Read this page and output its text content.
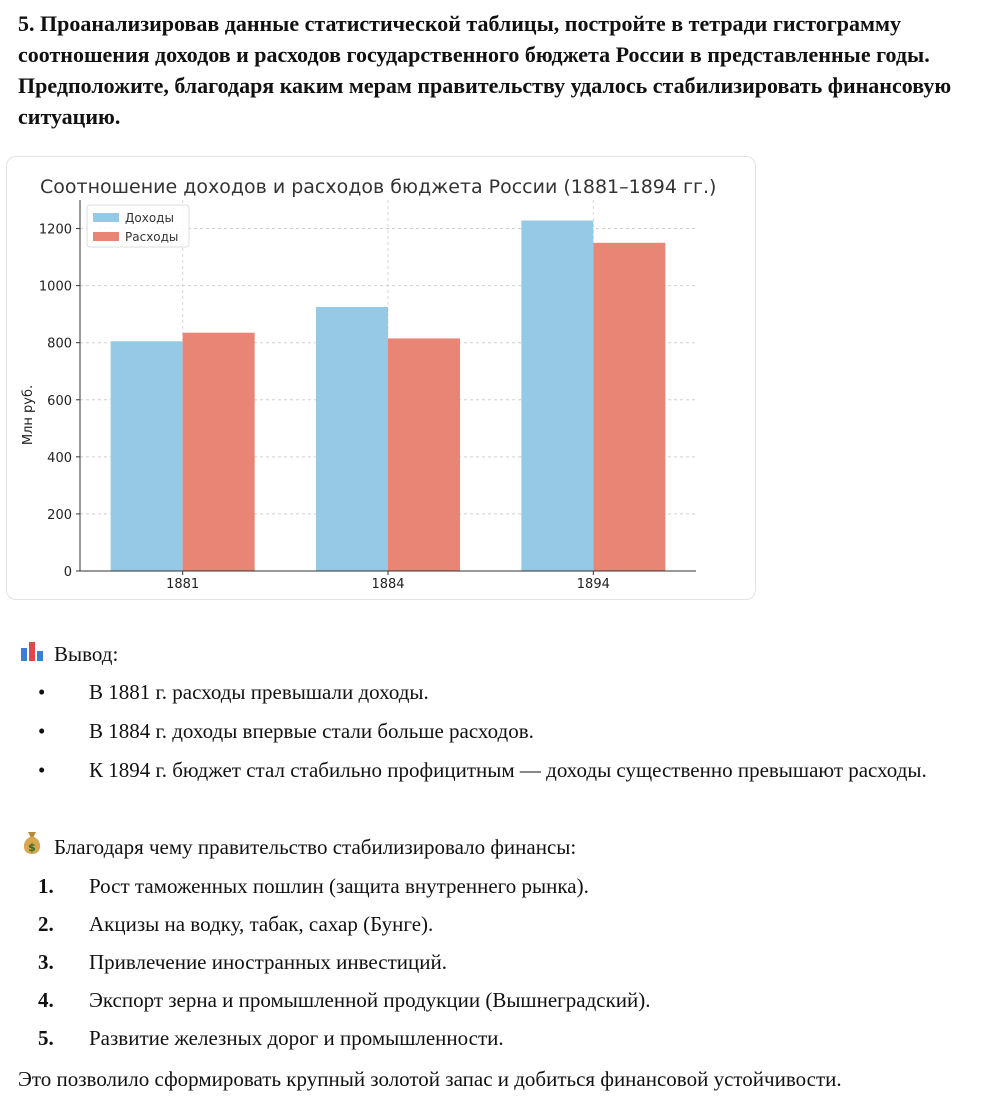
5. Проанализировав данные статистической таблицы, постройте в тетради гистограмму соотношения доходов и расходов государственного бюджета России в представленные годы. Предположите, благодаря каким мерам правительству удалось стабилизировать финансовую ситуацию.

Соотношение доходов и расходов бюджета России (1881–1894 гг.)
0
200
400
600
800
1000
1200
1881	1884	1894
Млн руб.
Доходы
Расходы
Вывод:
• В 1881 г. расходы превышали доходы.
• В 1884 г. доходы впервые стали больше расходов.
• К 1894 г. бюджет стал стабильно профицитным — доходы существенно превышают расходы.
$ Благодаря чему правительство стабилизировало финансы:
1. Рост таможенных пошлин (защита внутреннего рынка).
2. Акцизы на водку, табак, сахар (Бунге).
3. Привлечение иностранных инвестиций.
4. Экспорт зерна и промышленной продукции (Вышнеградский).
5. Развитие железных дорог и промышленности.

Это позволило сформировать крупный золотой запас и добиться финансовой устойчивости.
